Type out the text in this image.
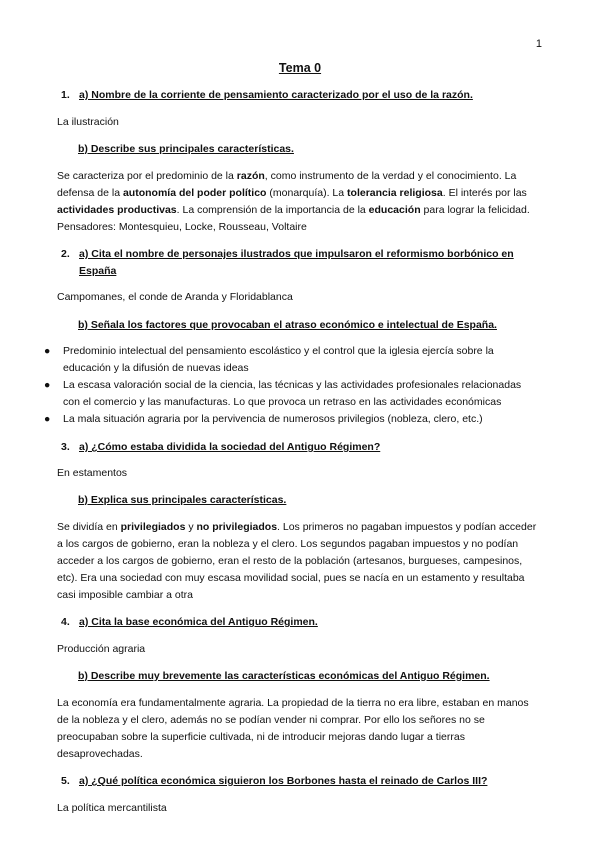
1
Tema 0
1. a) Nombre de la corriente de pensamiento caracterizado por el uso de la razón.
La ilustración
b) Describe sus principales características.
Se caracteriza por el predominio de la razón, como instrumento de la verdad y el conocimiento. La defensa de la autonomía del poder político (monarquía). La tolerancia religiosa. El interés por las actividades productivas. La comprensión de la importancia de la educación para lograr la felicidad. Pensadores: Montesquieu, Locke, Rousseau, Voltaire
2. a) Cita el nombre de personajes ilustrados que impulsaron el reformismo borbónico en España
Campomanes, el conde de Aranda y Floridablanca
b) Señala los factores que provocaban el atraso económico e intelectual de España.
● Predominio intelectual del pensamiento escolástico y el control que la iglesia ejercía sobre la educación y la difusión de nuevas ideas
● La escasa valoración social de la ciencia, las técnicas y las actividades profesionales relacionadas con el comercio y las manufacturas. Lo que provoca un retraso en las actividades económicas
● La mala situación agraria por la pervivencia de numerosos privilegios (nobleza, clero, etc.)
3. a) ¿Cómo estaba dividida la sociedad del Antiguo Régimen?
En estamentos
b) Explica sus principales características.
Se dividía en privilegiados y no privilegiados. Los primeros no pagaban impuestos y podían acceder a los cargos de gobierno, eran la nobleza y el clero. Los segundos pagaban impuestos y no podían acceder a los cargos de gobierno, eran el resto de la población (artesanos, burgueses, campesinos, etc). Era una sociedad con muy escasa movilidad social, pues se nacía en un estamento y resultaba casi imposible cambiar a otra
4. a) Cita la base económica del Antiguo Régimen.
Producción agraria
b) Describe muy brevemente las características económicas del Antiguo Régimen.
La economía era fundamentalmente agraria. La propiedad de la tierra no era libre, estaban en manos de la nobleza y el clero, además no se podían vender ni comprar. Por ello los señores no se preocupaban sobre la superficie cultivada, ni de introducir mejoras dando lugar a tierras desaprovechadas.
5. a) ¿Qué política económica siguieron los Borbones hasta el reinado de Carlos III?
La política mercantilista
